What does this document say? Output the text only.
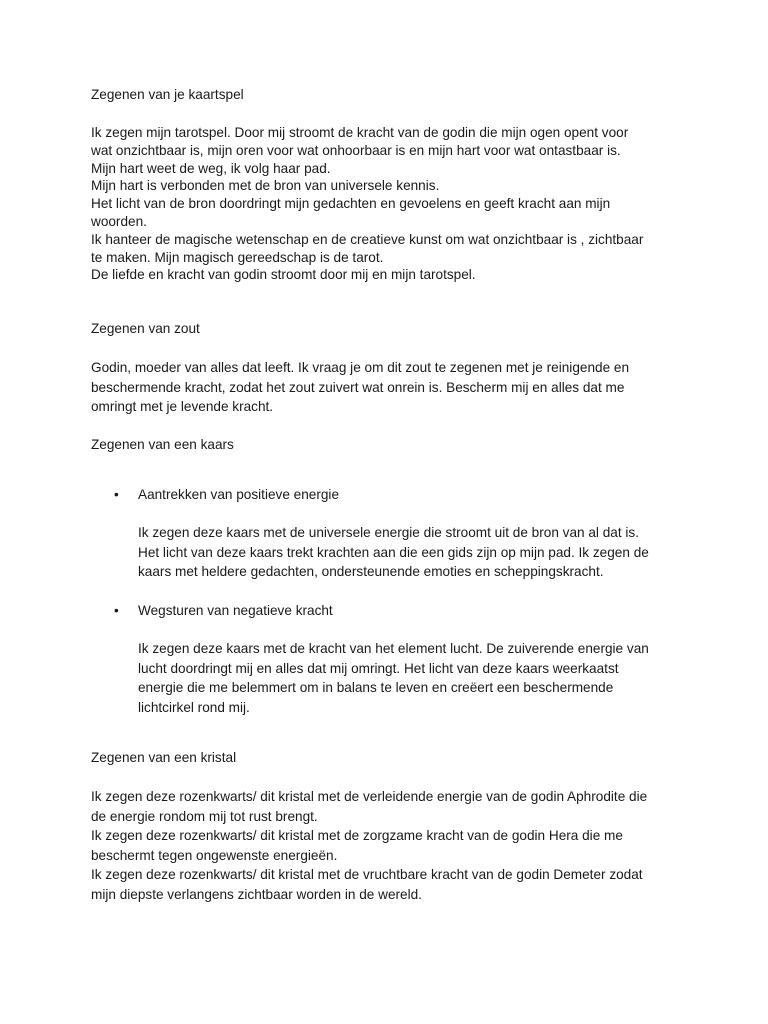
Zegenen van je kaartspel

Ik zegen mijn tarotspel. Door mij stroomt de kracht van de godin die mijn ogen opent voor
wat onzichtbaar is, mijn oren voor wat onhoorbaar is en mijn hart voor wat ontastbaar is.
Mijn hart weet de weg, ik volg haar pad.
Mijn hart is verbonden met de bron van universele kennis.
Het licht van de bron doordringt mijn gedachten en gevoelens en geeft kracht aan mijn
woorden.
Ik hanteer de magische wetenschap en de creatieve kunst om wat onzichtbaar is , zichtbaar
te maken. Mijn magisch gereedschap is de tarot.
De liefde en kracht van godin stroomt door mij en mijn tarotspel.

Zegenen van zout

Godin, moeder van alles dat leeft. Ik vraag je om dit zout te zegenen met je reinigende en
beschermende kracht, zodat het zout zuivert wat onrein is. Bescherm mij en alles dat me
omringt met je levende kracht.

Zegenen van een kaars

• Aantrekken van positieve energie

Ik zegen deze kaars met de universele energie die stroomt uit de bron van al dat is.
Het licht van deze kaars trekt krachten aan die een gids zijn op mijn pad. Ik zegen de
kaars met heldere gedachten, ondersteunende emoties en scheppingskracht.
• Wegsturen van negatieve kracht

Ik zegen deze kaars met de kracht van het element lucht. De zuiverende energie van
lucht doordringt mij en alles dat mij omringt. Het licht van deze kaars weerkaatst
energie die me belemmert om in balans te leven en creëert een beschermende
lichtcirkel rond mij.

Zegenen van een kristal

Ik zegen deze rozenkwarts/ dit kristal met de verleidende energie van de godin Aphrodite die
de energie rondom mij tot rust brengt.
Ik zegen deze rozenkwarts/ dit kristal met de zorgzame kracht van de godin Hera die me
beschermt tegen ongewenste energieën.
Ik zegen deze rozenkwarts/ dit kristal met de vruchtbare kracht van de godin Demeter zodat
mijn diepste verlangens zichtbaar worden in de wereld.
